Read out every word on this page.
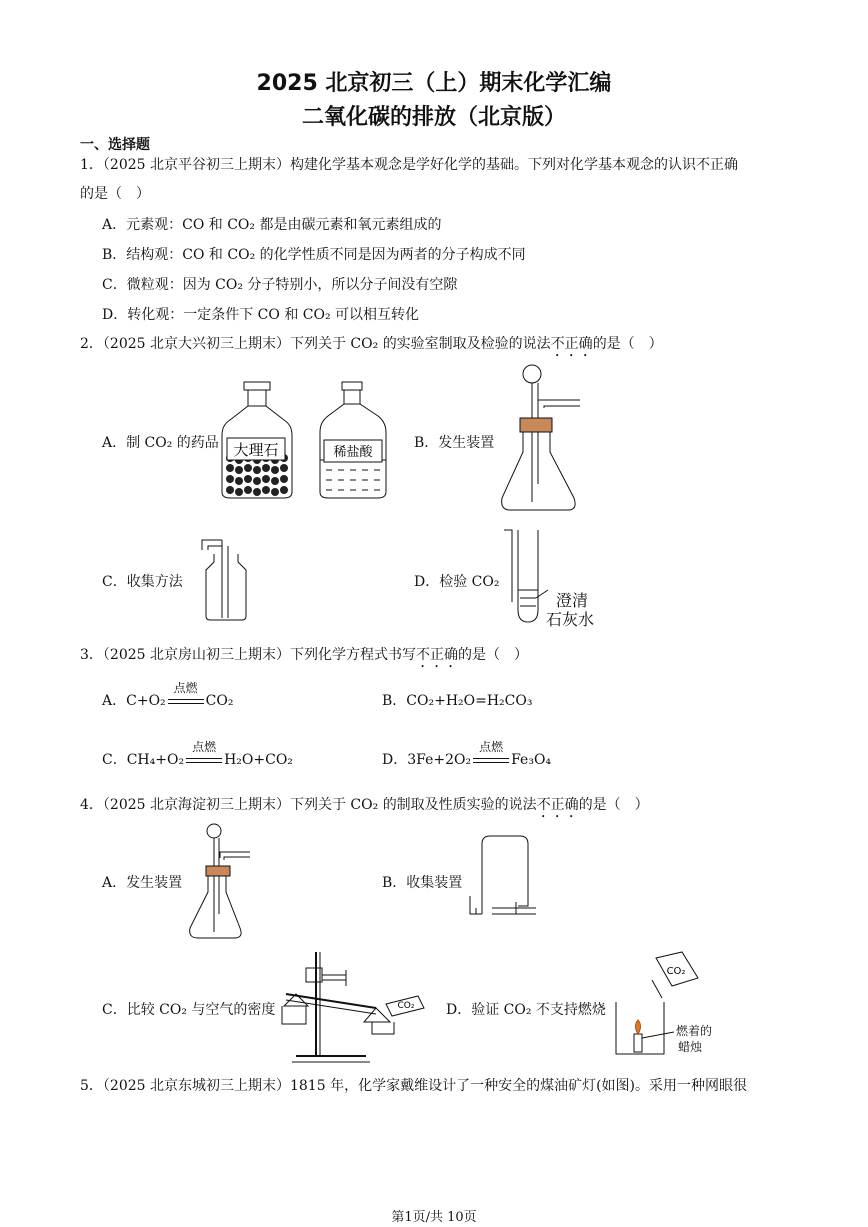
2025 北京初三（上）期末化学汇编
二氧化碳的排放（北京版）
一、选择题
1．（2025 北京平谷初三上期末）构建化学基本观念是学好化学的基础。下列对化学基本观念的认识不正确
的是（　）
A．元素观：CO 和 CO₂ 都是由碳元素和氧元素组成的
B．结构观：CO 和 CO₂ 的化学性质不同是因为两者的分子构成不同
C．微粒观：因为 CO₂ 分子特别小，所以分子间没有空隙
D．转化观：一定条件下 CO 和 CO₂ 可以相互转化
2．（2025 北京大兴初三上期末）下列关于 CO₂ 的实验室制取及检验的说法不正确的是（　）
A．制 CO₂ 的药品 大理石	稀盐酸
B．发生装置
C．收集方法	D．检验 CO₂
澄清
石灰水
3．（2025 北京房山初三上期末）下列化学方程式书写不正确的是（　）
A．C+O₂
点燃
CO₂	B．CO₂+H₂O=H₂CO₃
C．CH₄+O₂
点燃
H₂O+CO₂	D．3Fe+2O₂
点燃
Fe₃O₄
4．（2025 北京海淀初三上期末）下列关于 CO₂ 的制取及性质实验的说法不正确的是（　）
A．发生装置	B．收集装置
C．比较 CO₂ 与空气的密度	CO₂ D．验证 CO₂ 不支持燃烧
CO₂
燃着的
蜡烛
5．（2025 北京东城初三上期末）1815 年，化学家戴维设计了一种安全的煤油矿灯(如图)。采用一种网眼很
第1页/共 10页
